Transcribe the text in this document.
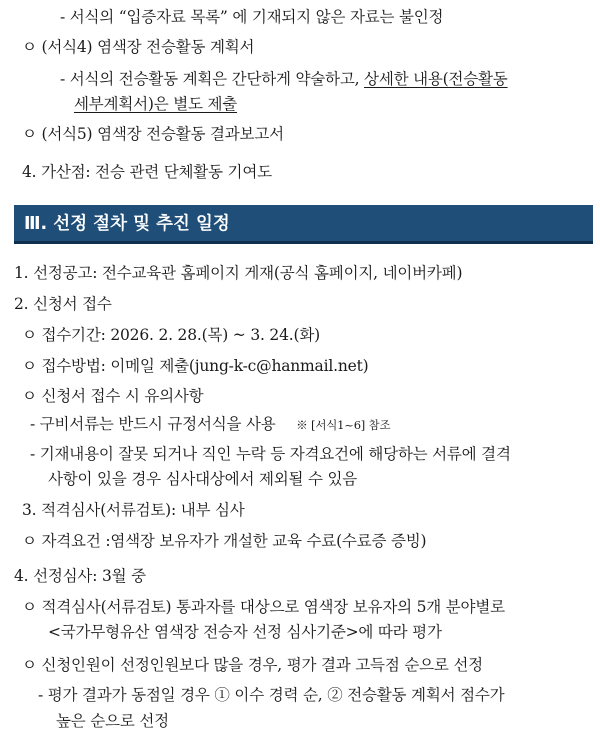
- 서식의 “입증자료 목록” 에 기재되지 않은 자료는 불인정
ㅇ (서식4) 염색장 전승활동 계획서
- 서식의 전승활동 계획은 간단하게 약술하고, 상세한 내용(전승활동
세부계획서)은 별도 제출
ㅇ (서식5) 염색장 전승활동 결과보고서
4. 가산점: 전승 관련 단체활동 기여도
Ⅲ. 선정 절차 및 추진 일정
1. 선정공고: 전수교육관 홈페이지 게재(공식 홈페이지, 네이버카페)
2. 신청서 접수
ㅇ 접수기간: 2026. 2. 28.(목) ~ 3. 24.(화)
ㅇ 접수방법: 이메일 제출(jung-k-c@hanmail.net)
ㅇ 신청서 접수 시 유의사항
- 구비서류는 반드시 규정서식을 사용 ※ [서식1~6] 참조
- 기재내용이 잘못 되거나 직인 누락 등 자격요건에 해당하는 서류에 결격
사항이 있을 경우 심사대상에서 제외될 수 있음
3. 적격심사(서류검토): 내부 심사
ㅇ 자격요건 :염색장 보유자가 개설한 교육 수료(수료증 증빙)
4. 선정심사: 3월 중
ㅇ 적격심사(서류검토) 통과자를 대상으로 염색장 보유자의 5개 분야별로
<국가무형유산 염색장 전승자 선정 심사기준>에 따라 평가
ㅇ 신청인원이 선정인원보다 많을 경우, 평가 결과 고득점 순으로 선정
- 평가 결과가 동점일 경우 ① 이수 경력 순, ② 전승활동 계획서 점수가
높은 순으로 선정
